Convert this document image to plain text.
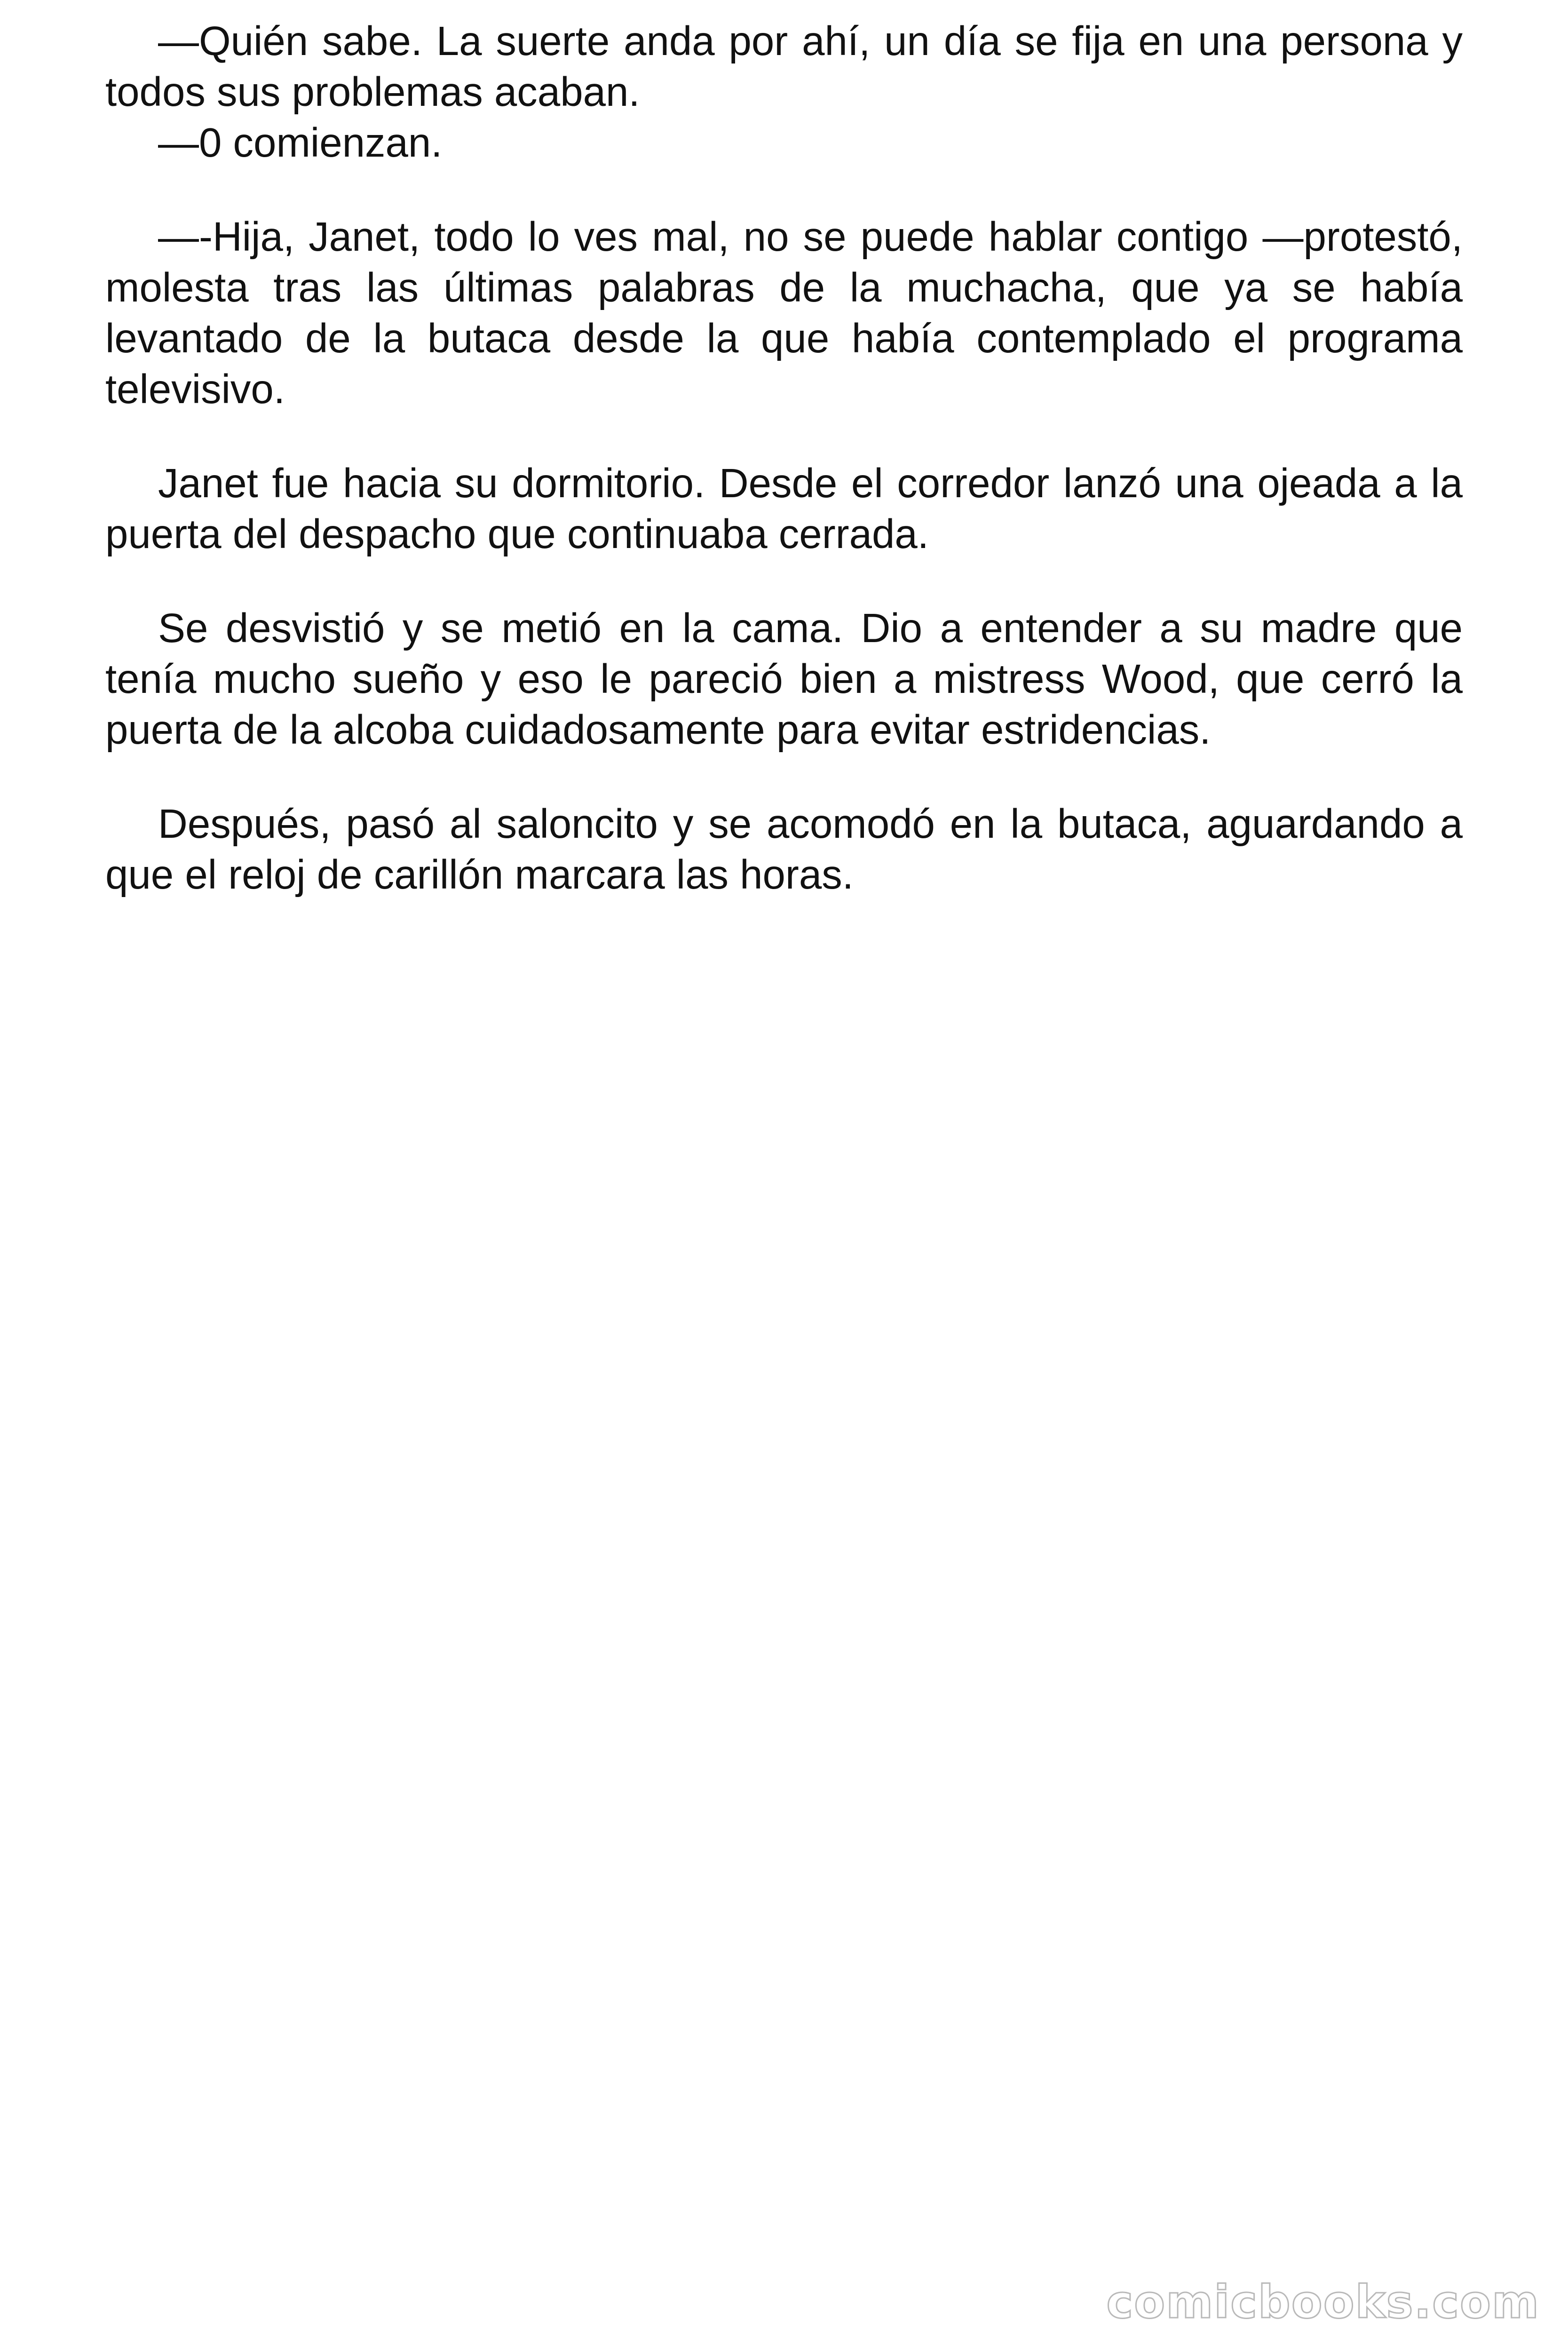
—Quién sabe. La suerte anda por ahí, un día se fija en una persona y todos sus problemas acaban.

—0 comienzan.

—-Hija, Janet, todo lo ves mal, no se puede hablar contigo —protestó, molesta tras las últimas palabras de la muchacha, que ya se había levantado de la butaca desde la que había contemplado el programa televisivo.

Janet fue hacia su dormitorio. Desde el corredor lanzó una ojeada a la puerta del despacho que continuaba cerrada.

Se desvistió y se metió en la cama. Dio a entender a su madre que tenía mucho sueño y eso le pareció bien a mistress Wood, que cerró la puerta de la alcoba cuidadosamente para evitar estridencias.

Después, pasó al saloncito y se acomodó en la butaca, aguardando a que el reloj de carillón marcara las horas.

comicbooks.com
